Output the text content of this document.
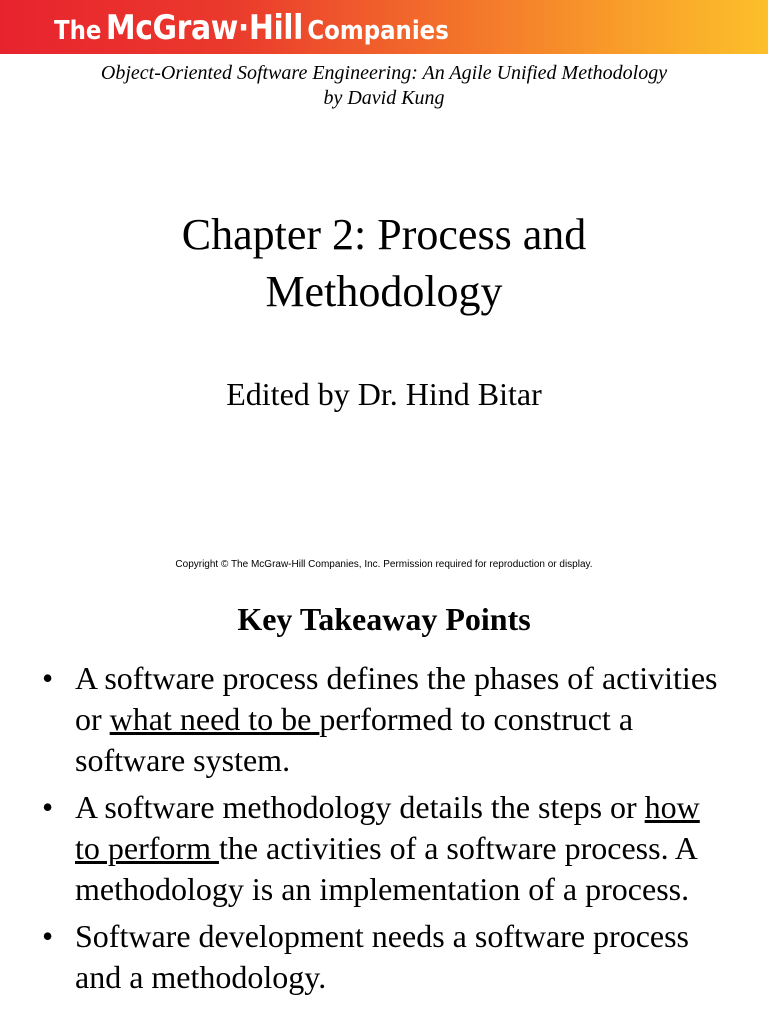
The McGraw·Hill Companies
Object-Oriented Software Engineering: An Agile Unified Methodology
by David Kung
Chapter 2: Process and
Methodology
Edited by Dr. Hind Bitar
Copyright © The McGraw-Hill Companies, Inc. Permission required for reproduction or display.
Key Takeaway Points
• A software process defines the phases of activities or what need to be performed to construct a software system.
• A software methodology details the steps or how to perform the activities of a software process. A methodology is an implementation of a process.
• Software development needs a software process and a methodology.
